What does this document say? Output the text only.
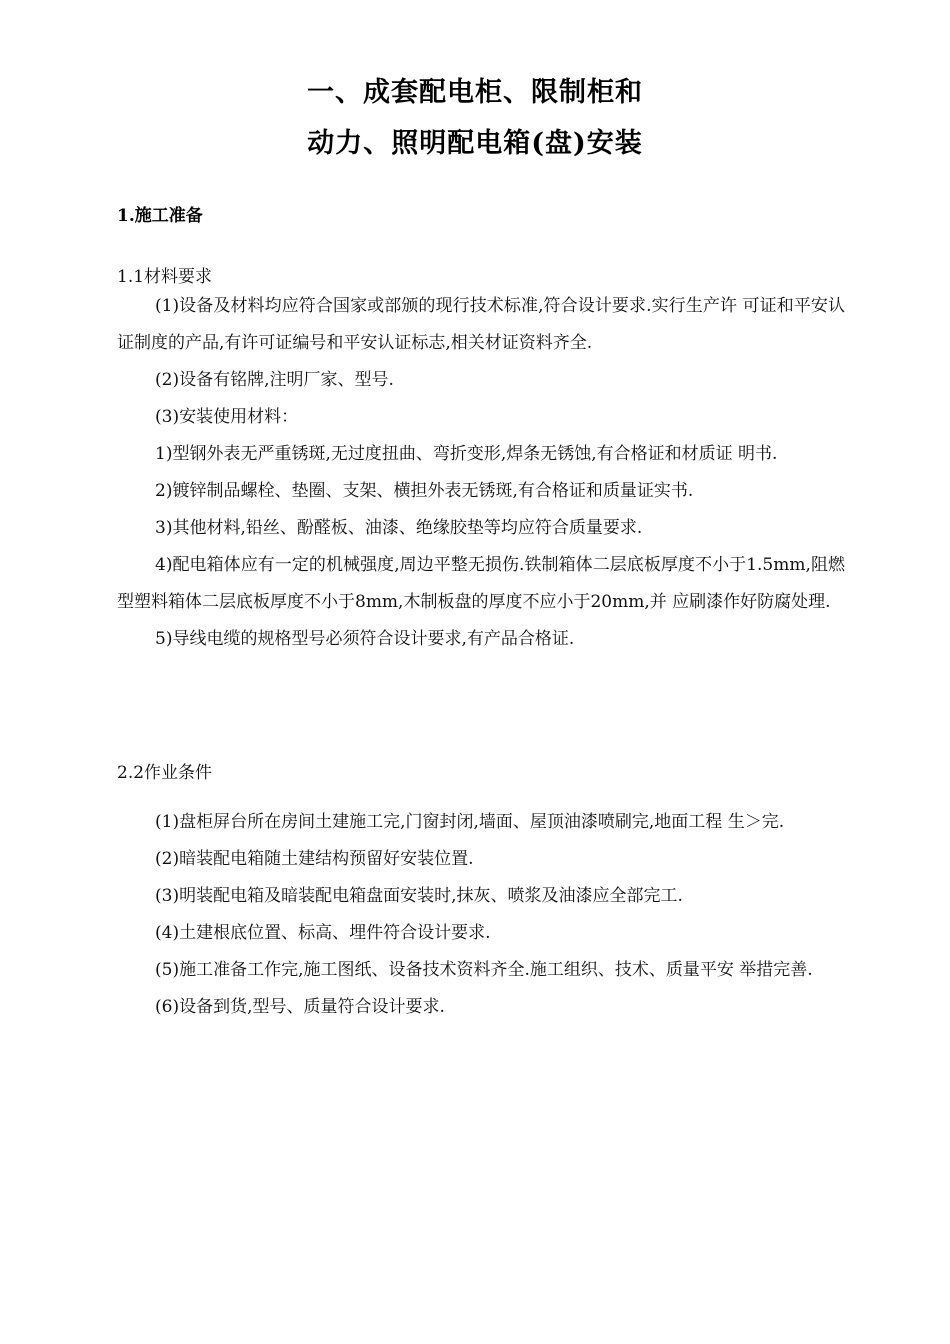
一、成套配电柜、限制柜和
动力、照明配电箱(盘)安装
1.施工准备
1.1材料要求

(1)设备及材料均应符合国家或部颁的现行技术标准,符合设计要求.实行生产许 可证和平安认证制度的产品,有许可证编号和平安认证标志,相关材证资料齐全.

(2)设备有铭牌,注明厂家、型号.

(3)安装使用材料：

1)型钢外表无严重锈斑,无过度扭曲、弯折变形,焊条无锈蚀,有合格证和材质证 明书.

2)镀锌制品螺栓、垫圈、支架、横担外表无锈斑,有合格证和质量证实书.

3)其他材料,铅丝、酚醛板、油漆、绝缘胶垫等均应符合质量要求.

4)配电箱体应有一定的机械强度,周边平整无损伤.铁制箱体二层底板厚度不小于1.5mm,阻燃型塑料箱体二层底板厚度不小于8mm,木制板盘的厚度不应小于20mm,并 应刷漆作好防腐处理.

5)导线电缆的规格型号必须符合设计要求,有产品合格证.

2.2作业条件

(1)盘柜屏台所在房间土建施工完,门窗封闭,墙面、屋顶油漆喷刷完,地面工程 生＞完.

(2)暗装配电箱随土建结构预留好安装位置.

(3)明装配电箱及暗装配电箱盘面安装时,抹灰、喷浆及油漆应全部完工.

(4)土建根底位置、标高、埋件符合设计要求.

(5)施工准备工作完,施工图纸、设备技术资料齐全.施工组织、技术、质量平安 举措完善.

(6)设备到货,型号、质量符合设计要求.
